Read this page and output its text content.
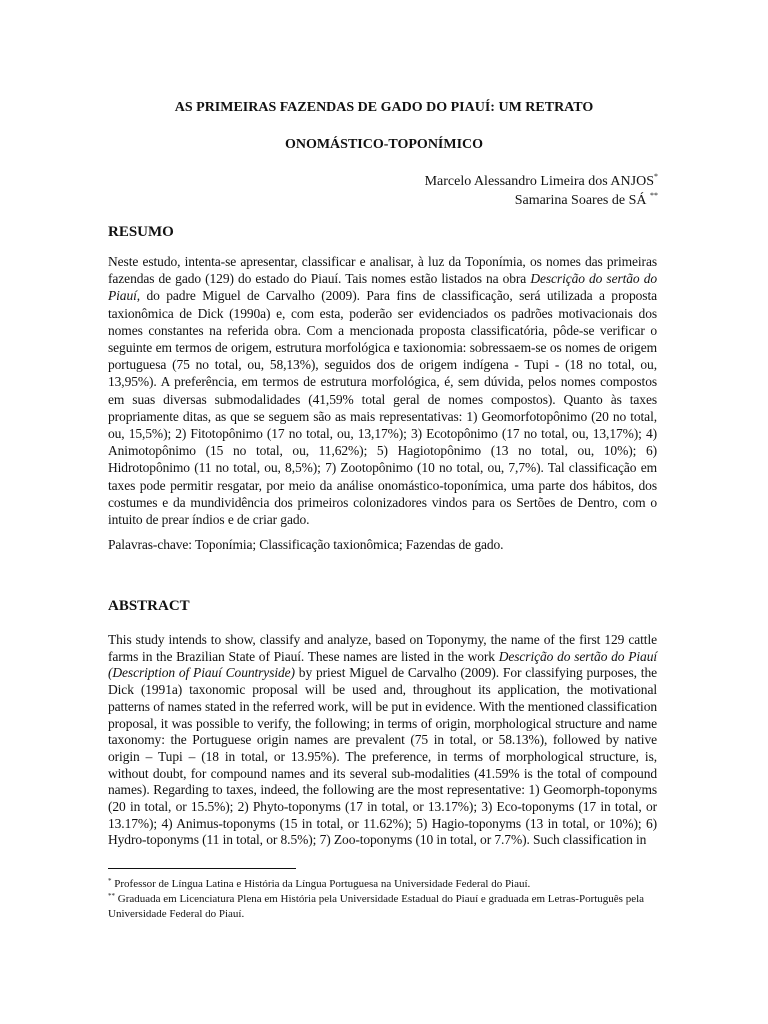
AS PRIMEIRAS FAZENDAS DE GADO DO PIAUÍ: UM RETRATO

ONOMÁSTICO-TOPONÍMICO

Marcelo Alessandro Limeira dos ANJOS*
Samarina Soares de SÁ **
RESUMO

Neste estudo, intenta-se apresentar, classificar e analisar, à luz da Toponímia, os nomes das primeiras fazendas de gado (129) do estado do Piauí. Tais nomes estão listados na obra Descrição do sertão do Piauí, do padre Miguel de Carvalho (2009). Para fins de classificação, será utilizada a proposta taxionômica de Dick (1990a) e, com esta, poderão ser evidenciados os padrões motivacionais dos nomes constantes na referida obra. Com a mencionada proposta classificatória, pôde-se verificar o seguinte em termos de origem, estrutura morfológica e taxionomia: sobressaem-se os nomes de origem portuguesa (75 no total, ou, 58,13%), seguidos dos de origem indígena - Tupi - (18 no total, ou, 13,95%). A preferência, em termos de estrutura morfológica, é, sem dúvida, pelos nomes compostos em suas diversas submodalidades (41,59% total geral de nomes compostos). Quanto às taxes propriamente ditas, as que se seguem são as mais representativas: 1) Geomorfotopônimo (20 no total, ou, 15,5%); 2) Fitotopônimo (17 no total, ou, 13,17%); 3) Ecotopônimo (17 no total, ou, 13,17%); 4) Animotopônimo (15 no total, ou, 11,62%); 5) Hagiotopônimo (13 no total, ou, 10%); 6) Hidrotopônimo (11 no total, ou, 8,5%); 7) Zootopônimo (10 no total, ou, 7,7%). Tal classificação em taxes pode permitir resgatar, por meio da análise onomástico-toponímica, uma parte dos hábitos, dos costumes e da mundividência dos primeiros colonizadores vindos para os Sertões de Dentro, com o intuito de prear índios e de criar gado.

Palavras-chave: Toponímia; Classificação taxionômica; Fazendas de gado.

ABSTRACT

This study intends to show, classify and analyze, based on Toponymy, the name of the first 129 cattle farms in the Brazilian State of Piauí. These names are listed in the work Descrição do sertão do Piauí (Description of Piauí Countryside) by priest Miguel de Carvalho (2009). For classifying purposes, the Dick (1991a) taxonomic proposal will be used and, throughout its application, the motivational patterns of names stated in the referred work, will be put in evidence. With the mentioned classification proposal, it was possible to verify, the following; in terms of origin, morphological structure and name taxonomy: the Portuguese origin names are prevalent (75 in total, or 58.13%), followed by native origin – Tupi – (18 in total, or 13.95%). The preference, in terms of morphological structure, is, without doubt, for compound names and its several sub-modalities (41.59% is the total of compound names). Regarding to taxes, indeed, the following are the most representative: 1) Geomorph-toponyms (20 in total, or 15.5%); 2) Phyto-toponyms (17 in total, or 13.17%); 3) Eco-toponyms (17 in total, or 13.17%); 4) Animus-toponyms (15 in total, or 11.62%); 5) Hagio-toponyms (13 in total, or 10%); 6) Hydro-toponyms (11 in total, or 8.5%); 7) Zoo-toponyms (10 in total, or 7.7%). Such classification in

* Professor de Língua Latina e História da Língua Portuguesa na Universidade Federal do Piauí.

** Graduada em Licenciatura Plena em História pela Universidade Estadual do Piauí e graduada em Letras-Português pela Universidade Federal do Piauí.
